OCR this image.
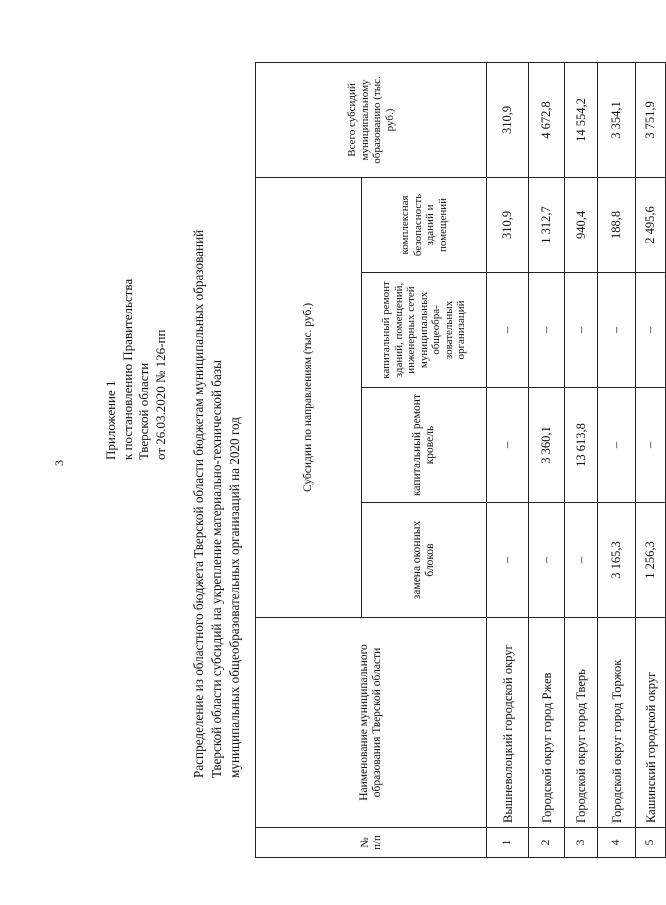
3
Приложение 1 к постановлению Правительства Тверской области от 26.03.2020 № 126-пп Распределение из областного бюджета Тверской области бюджетам муниципальных образований Тверской области субсидий на укрепление материально-технической базы муниципальных общеобразовательных организаций на 2020 год
№ п/п	Наименование муниципального образования Тверской области	Субсидии по направлениям (тыс. руб.)				Всего субсидий муниципальному образованию (тыс. руб.)
		замена оконных блоков	капитальный ремонт кровель	капитальный ремонт зданий, помещений, инженерных сетей муниципальных общеобра-зовательных организаций	комплексная безопасность зданий и помещений	
1	Вышневолоцкий городской округ	–	–	–	310,9	310,9
2	Городской округ город Ржев	–	3 360,1	–	1 312,7	4 672,8
3	Городской округ город Тверь	–	13 613,8	–	940,4	14 554,2
4	Городской округ город Торжок	3 165,3	–	–	188,8	3 354,1
5	Кашинский городской округ	1 256,3	–	–	2 495,6	3 751,9
